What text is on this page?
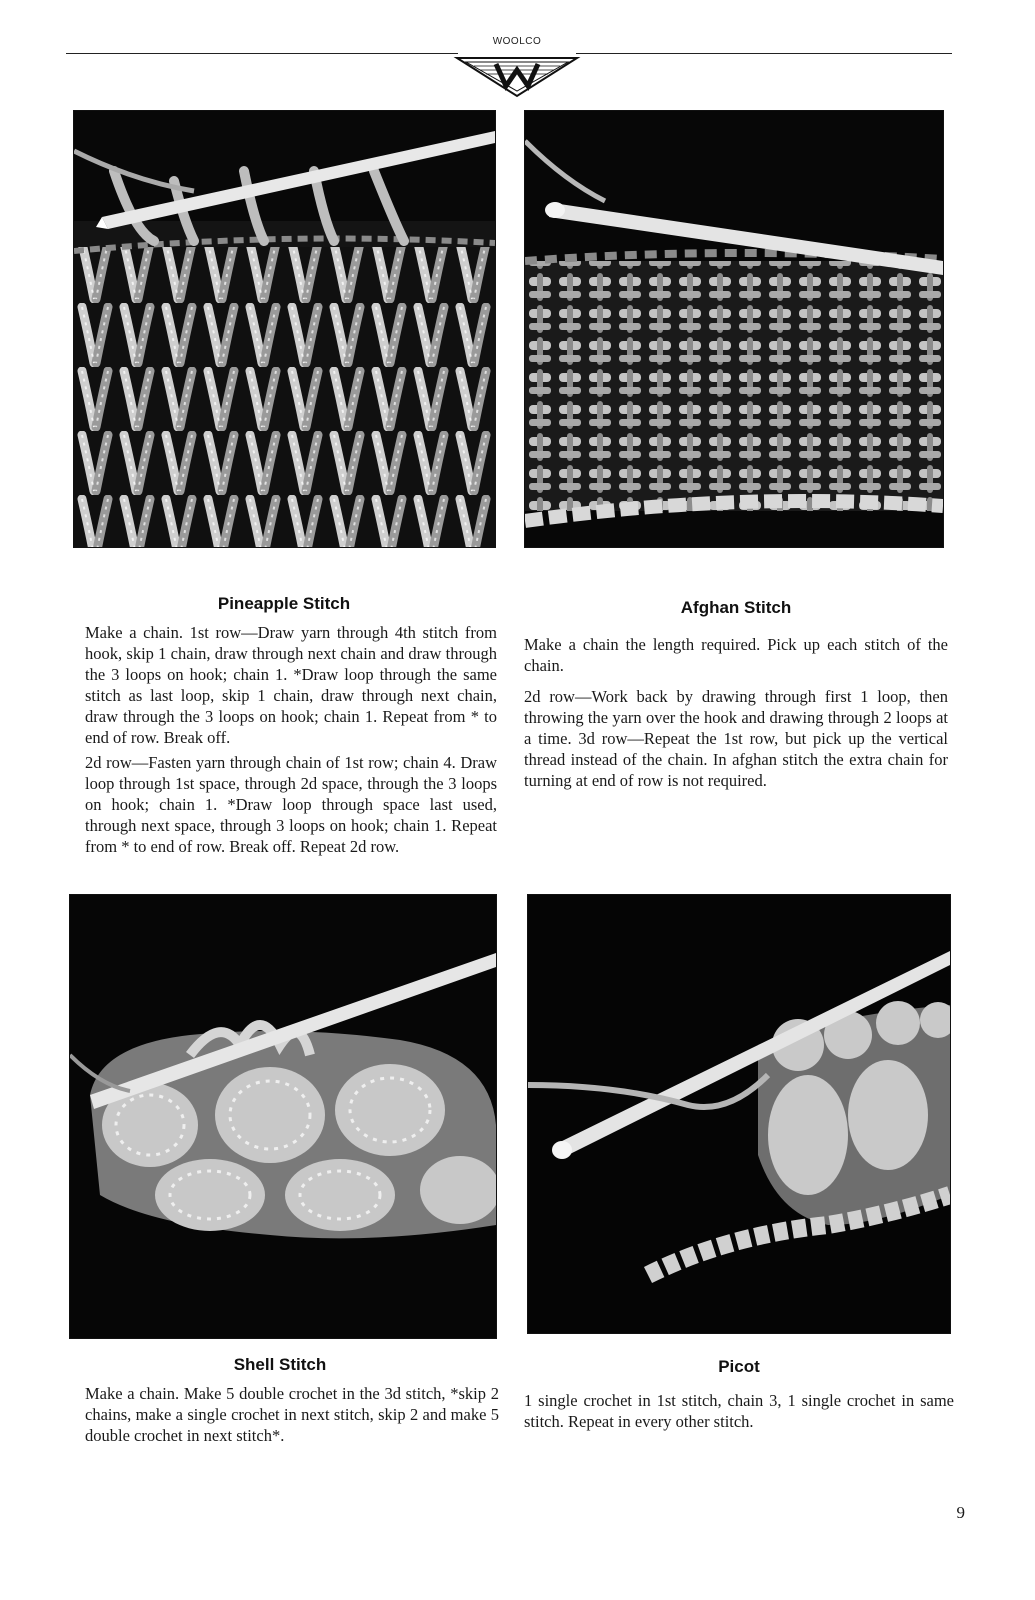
WOOLCO
Pineapple Stitch

Make a chain. 1st row—Draw yarn through 4th stitch from hook, skip 1 chain, draw through next chain and draw through the 3 loops on hook; chain 1. *Draw loop through the same stitch as last loop, skip 1 chain, draw through next chain, draw through the 3 loops on hook; chain 1. Repeat from * to end of row. Break off.

2d row—Fasten yarn through chain of 1st row; chain 4. Draw loop through 1st space, through 2d space, through the 3 loops on hook; chain 1. *Draw loop through space last used, through next space, through 3 loops on hook; chain 1. Repeat from * to end of row. Break off. Repeat 2d row.

Afghan Stitch

Make a chain the length required. Pick up each stitch of the chain.

2d row—Work back by drawing through first 1 loop, then throwing the yarn over the hook and drawing through 2 loops at a time. 3d row—Repeat the 1st row, but pick up the vertical thread instead of the chain. In afghan stitch the extra chain for turning at end of row is not required.

Shell Stitch

Make a chain. Make 5 double crochet in the 3d stitch, *skip 2 chains, make a single crochet in next stitch, skip 2 and make 5 double crochet in next stitch*.

Picot

1 single crochet in 1st stitch, chain 3, 1 single crochet in same stitch. Repeat in every other stitch.

9
